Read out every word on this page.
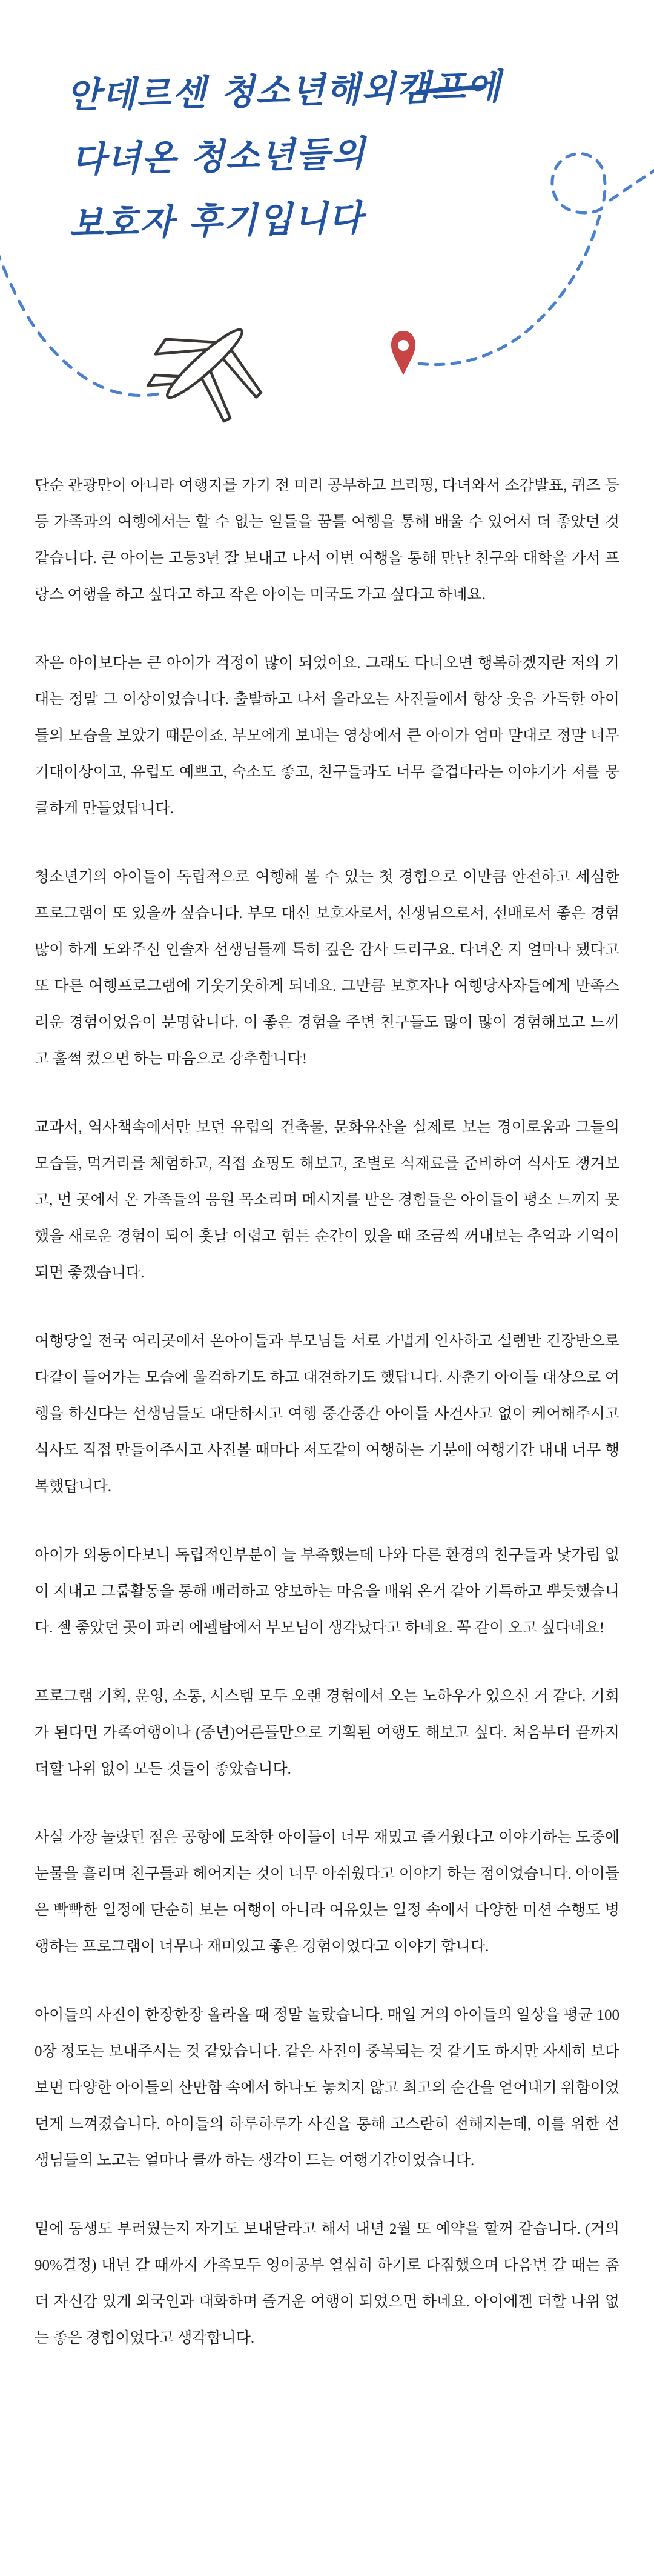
안데르센 청소년해외캠프에
다녀온 청소년들의
보호자 후기입니다

단순 관광만이 아니라 여행지를 가기 전 미리 공부하고 브리핑, 다녀와서 소감발표, 퀴즈 등등 가족과의 여행에서는 할 수 없는 일들을 꿈틀 여행을 통해 배울 수 있어서 더 좋았던 것 같습니다. 큰 아이는 고등3년 잘 보내고 나서 이번 여행을 통해 만난 친구와 대학을 가서 프랑스 여행을 하고 싶다고 하고 작은 아이는 미국도 가고 싶다고 하네요.

작은 아이보다는 큰 아이가 걱정이 많이 되었어요. 그래도 다녀오면 행복하겠지란 저의 기대는 정말 그 이상이었습니다. 출발하고 나서 올라오는 사진들에서 항상 웃음 가득한 아이들의 모습을 보았기 때문이죠. 부모에게 보내는 영상에서 큰 아이가 엄마 말대로 정말 너무 기대이상이고, 유럽도 예쁘고, 숙소도 좋고, 친구들과도 너무 즐겁다라는 이야기가 저를 뭉클하게 만들었답니다.

청소년기의 아이들이 독립적으로 여행해 볼 수 있는 첫 경험으로 이만큼 안전하고 세심한 프로그램이 또 있을까 싶습니다. 부모 대신 보호자로서, 선생님으로서, 선배로서 좋은 경험 많이 하게 도와주신 인솔자 선생님들께 특히 깊은 감사 드리구요. 다녀온 지 얼마나 됐다고 또 다른 여행프로그램에 기웃기웃하게 되네요. 그만큼 보호자나 여행당사자들에게 만족스러운 경험이었음이 분명합니다. 이 좋은 경험을 주변 친구들도 많이 많이 경험해보고 느끼고 훌쩍 컸으면 하는 마음으로 강추합니다!

교과서, 역사책속에서만 보던 유럽의 건축물, 문화유산을 실제로 보는 경이로움과 그들의 모습들, 먹거리를 체험하고, 직접 쇼핑도 해보고, 조별로 식재료를 준비하여 식사도 챙겨보고, 먼 곳에서 온 가족들의 응원 목소리며 메시지를 받은 경험들은 아이들이 평소 느끼지 못했을 새로운 경험이 되어 훗날 어렵고 힘든 순간이 있을 때 조금씩 꺼내보는 추억과 기억이 되면 좋겠습니다.

여행당일 전국 여러곳에서 온아이들과 부모님들 서로 가볍게 인사하고 설렘반 긴장반으로 다같이 들어가는 모습에 울컥하기도 하고 대견하기도 했답니다. 사춘기 아이들 대상으로 여행을 하신다는 선생님들도 대단하시고 여행 중간중간 아이들 사건사고 없이 케어해주시고 식사도 직접 만들어주시고 사진볼 때마다 저도같이 여행하는 기분에 여행기간 내내 너무 행복했답니다.

아이가 외동이다보니 독립적인부분이 늘 부족했는데 나와 다른 환경의 친구들과 낯가림 없이 지내고 그룹활동을 통해 배려하고 양보하는 마음을 배워 온거 같아 기특하고 뿌듯했습니다. 젤 좋았던 곳이 파리 에펠탑에서 부모님이 생각났다고 하네요. 꼭 같이 오고 싶다네요!

프로그램 기획, 운영, 소통, 시스템 모두 오랜 경험에서 오는 노하우가 있으신 거 같다. 기회가 된다면 가족여행이나 (중년)어른들만으로 기획된 여행도 해보고 싶다. 처음부터 끝까지 더할 나위 없이 모든 것들이 좋았습니다.

사실 가장 놀랐던 점은 공항에 도착한 아이들이 너무 재밌고 즐거웠다고 이야기하는 도중에 눈물을 흘리며 친구들과 헤어지는 것이 너무 아쉬웠다고 이야기 하는 점이었습니다. 아이들은 빡빡한 일정에 단순히 보는 여행이 아니라 여유있는 일정 속에서 다양한 미션 수행도 병행하는 프로그램이 너무나 재미있고 좋은 경험이었다고 이야기 합니다.

아이들의 사진이 한장한장 올라올 때 정말 놀랐습니다. 매일 거의 아이들의 일상을 평균 1000장 정도는 보내주시는 것 같았습니다. 같은 사진이 중복되는 것 같기도 하지만 자세히 보다보면 다양한 아이들의 산만함 속에서 하나도 놓치지 않고 최고의 순간을 얻어내기 위함이었던게 느껴졌습니다. 아이들의 하루하루가 사진을 통해 고스란히 전해지는데, 이를 위한 선생님들의 노고는 얼마나 클까 하는 생각이 드는 여행기간이었습니다.

밑에 동생도 부러웠는지 자기도 보내달라고 해서 내년 2월 또 예약을 할꺼 같습니다. (거의 90%결정) 내년 갈 때까지 가족모두 영어공부 열심히 하기로 다짐했으며 다음번 갈 때는 좀더 자신감 있게 외국인과 대화하며 즐거운 여행이 되었으면 하네요. 아이에겐 더할 나위 없는 좋은 경험이었다고 생각합니다.
